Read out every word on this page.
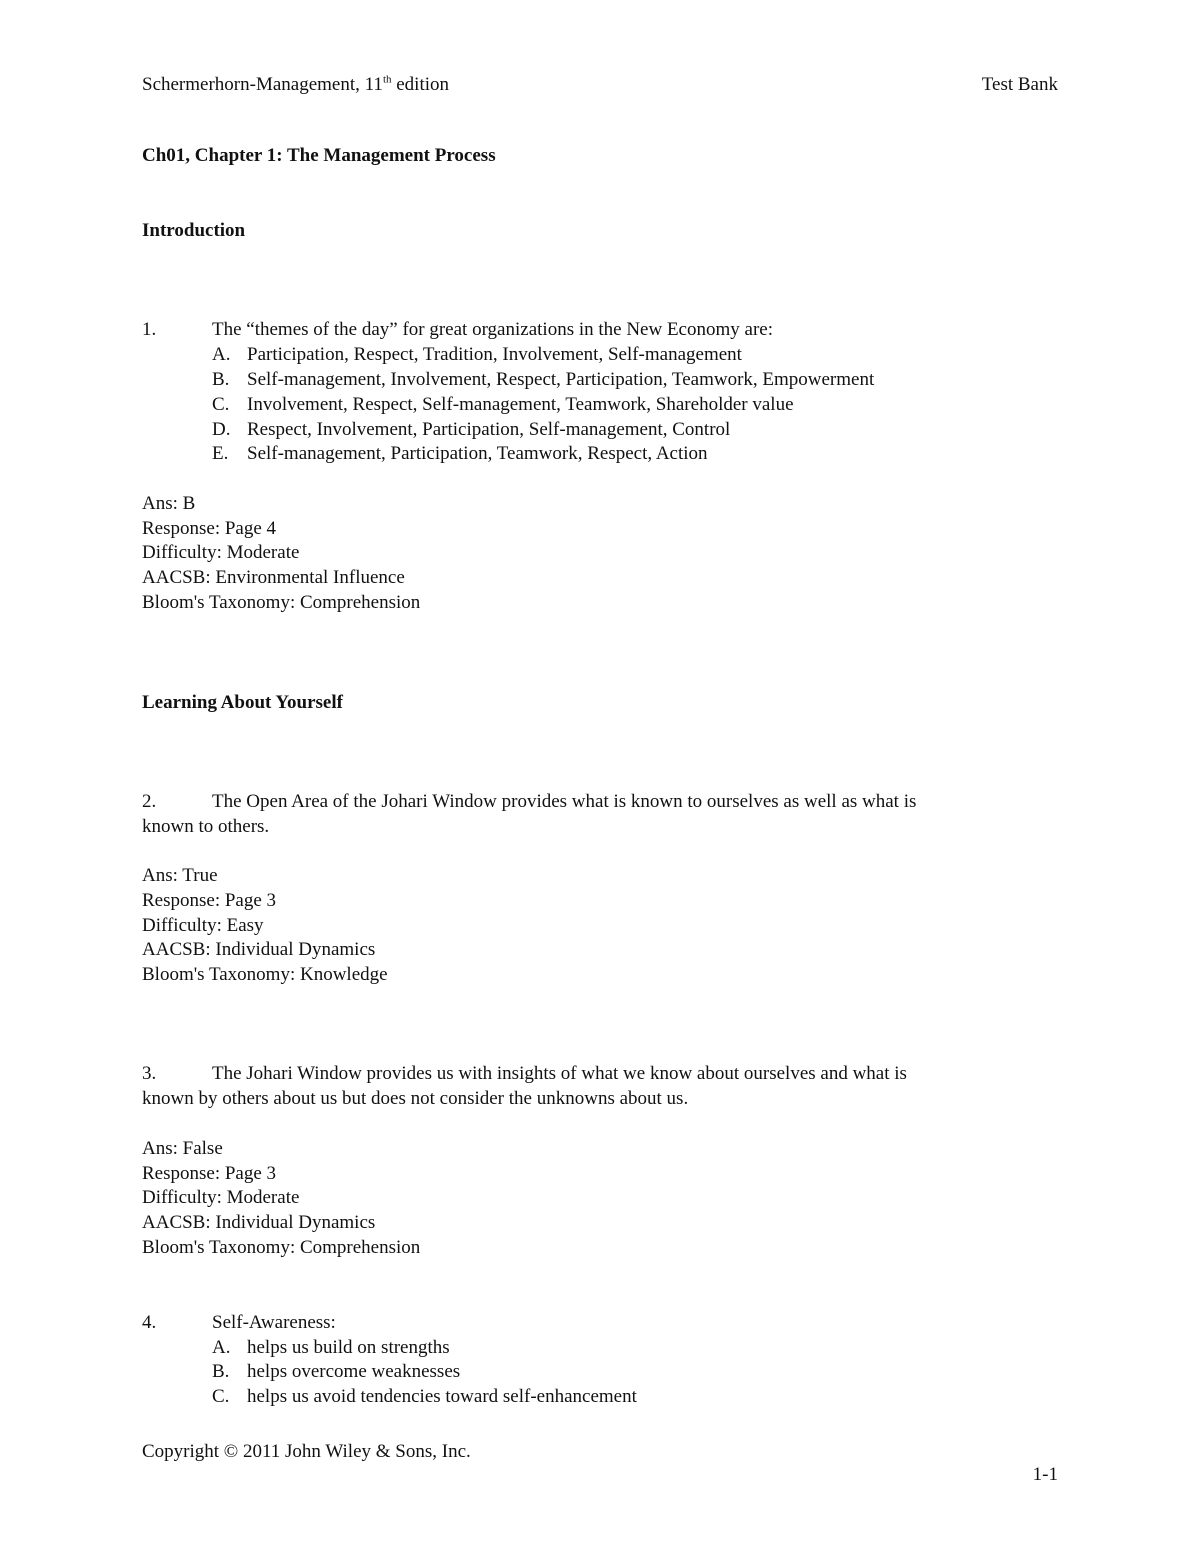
Schermerhorn-Management, 11th edition	Test Bank
Ch01, Chapter 1: The Management Process
Introduction
1.	The “themes of the day” for great organizations in the New Economy are:
A. Participation, Respect, Tradition, Involvement, Self-management
B. Self-management, Involvement, Respect, Participation, Teamwork, Empowerment
C. Involvement, Respect, Self-management, Teamwork, Shareholder value
D. Respect, Involvement, Participation, Self-management, Control
E. Self-management, Participation, Teamwork, Respect, Action
Ans: B
Response: Page 4
Difficulty: Moderate
AACSB: Environmental Influence
Bloom's Taxonomy: Comprehension
Learning About Yourself
2.	The Open Area of the Johari Window provides what is known to ourselves as well as what is
known to others.
Ans: True
Response: Page 3
Difficulty: Easy
AACSB: Individual Dynamics
Bloom's Taxonomy: Knowledge
3.	The Johari Window provides us with insights of what we know about ourselves and what is
known by others about us but does not consider the unknowns about us.
Ans: False
Response: Page 3
Difficulty: Moderate
AACSB: Individual Dynamics
Bloom's Taxonomy: Comprehension
4.	Self-Awareness:
A. helps us build on strengths
B. helps overcome weaknesses
C. helps us avoid tendencies toward self-enhancement
Copyright © 2011 John Wiley & Sons, Inc.
1-1
